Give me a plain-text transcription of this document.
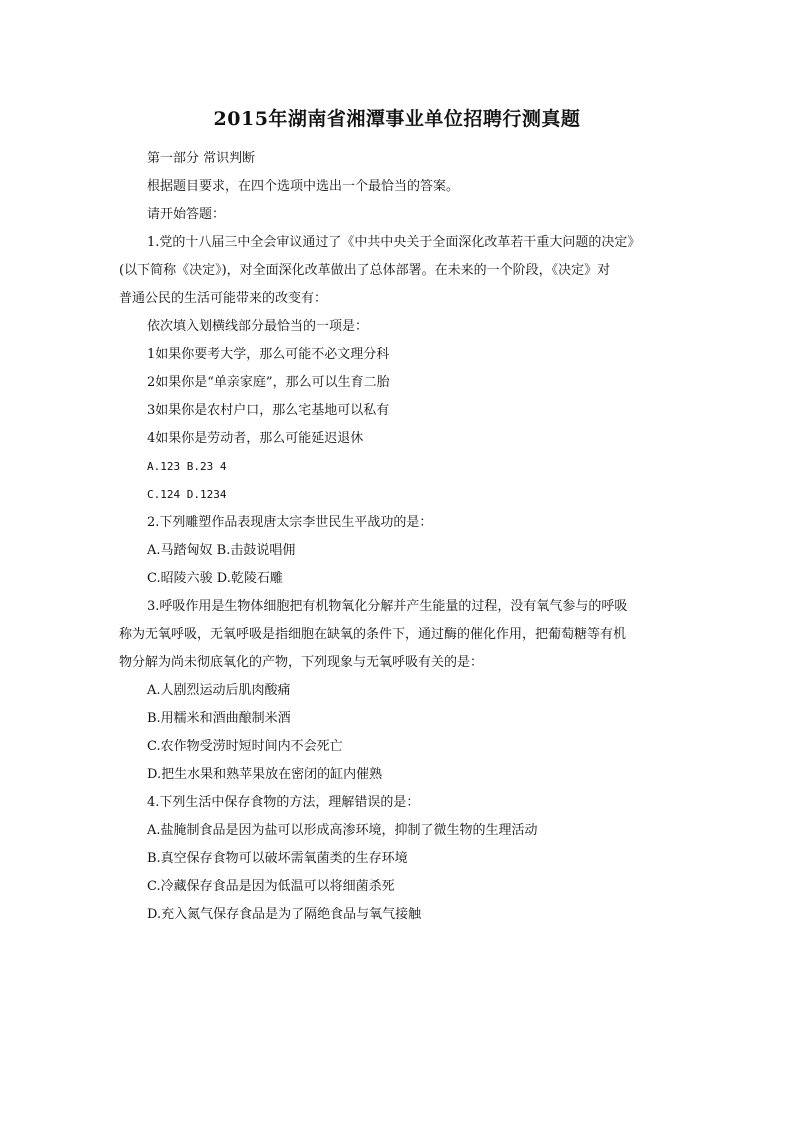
2015年湖南省湘潭事业单位招聘行测真题
第一部分 常识判断
根据题目要求，在四个选项中选出一个最恰当的答案。
请开始答题：
1.党的十八届三中全会审议通过了《中共中央关于全面深化改革若干重大问题的决定》
(以下简称《决定》)，对全面深化改革做出了总体部署。在未来的一个阶段，《决定》对
普通公民的生活可能带来的改变有：
依次填入划横线部分最恰当的一项是：
1如果你要考大学，那么可能不必文理分科
2如果你是“单亲家庭”，那么可以生育二胎
3如果你是农村户口，那么宅基地可以私有
4如果你是劳动者，那么可能延迟退休
A.123 B.23 4
C.124 D.1234
2.下列雕塑作品表现唐太宗李世民生平战功的是：
A.马踏匈奴 B.击鼓说唱佣
C.昭陵六骏 D.乾陵石雕
3.呼吸作用是生物体细胞把有机物氧化分解并产生能量的过程，没有氧气参与的呼吸
称为无氧呼吸，无氧呼吸是指细胞在缺氧的条件下，通过酶的催化作用，把葡萄糖等有机
物分解为尚未彻底氧化的产物，下列现象与无氧呼吸有关的是：
A.人剧烈运动后肌肉酸痛
B.用糯米和酒曲酿制米酒
C.农作物受涝时短时间内不会死亡
D.把生水果和熟苹果放在密闭的缸内催熟
4.下列生活中保存食物的方法，理解错误的是：
A.盐腌制食品是因为盐可以形成高渗环境，抑制了微生物的生理活动
B.真空保存食物可以破坏需氧菌类的生存环境
C.冷藏保存食品是因为低温可以将细菌杀死
D.充入氮气保存食品是为了隔绝食品与氧气接触
